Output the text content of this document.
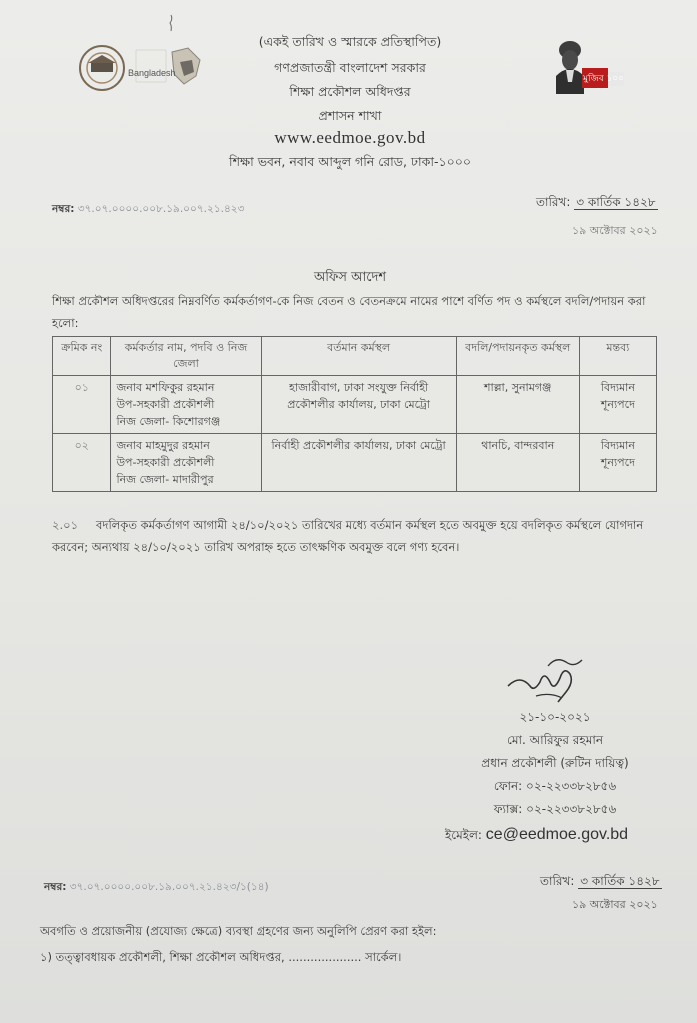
Bangladesh
মুজিব ১০০
(একই তারিখ ও স্মারকে প্রতিস্থাপিত)
গণপ্রজাতন্ত্রী বাংলাদেশ সরকার
শিক্ষা প্রকৌশল অধিদপ্তর
প্রশাসন শাখা
www.eedmoe.gov.bd
শিক্ষা ভবন, নবাব আব্দুল গনি রোড, ঢাকা-১০০০
নম্বর: ৩৭.০৭.০০০০.০০৮.১৯.০০৭.২১.৪২৩	তারিখ: ৩ কার্তিক ১৪২৮
১৯ অক্টোবর ২০২১
অফিস আদেশ
শিক্ষা প্রকৌশল অধিদপ্তরের নিম্নবর্ণিত কর্মকর্তাগণ-কে নিজ বেতন ও বেতনক্রমে নামের পাশে বর্ণিত পদ ও কর্মস্থলে বদলি/পদায়ন করা হলো:
ক্রমিক নং	কর্মকর্তার নাম, পদবি ও নিজ জেলা	বর্তমান কর্মস্থল	বদলি/পদায়নকৃত কর্মস্থল	মন্তব্য
০১	জনাব মশফিকুর রহমান
উপ-সহকারী প্রকৌশলী
নিজ জেলা- কিশোরগঞ্জ	হাজারীবাগ, ঢাকা সংযুক্ত নির্বাহী প্রকৌশলীর কার্যালয়, ঢাকা মেট্রো	শাল্লা, সুনামগঞ্জ	বিদ্যমান শূন্যপদে
০২	জনাব মাহমুদুর রহমান
উপ-সহকারী প্রকৌশলী
নিজ জেলা- মাদারীপুর	নির্বাহী প্রকৌশলীর কার্যালয়, ঢাকা মেট্রো	থানচি, বান্দরবান	বিদ্যমান শূন্যপদে
২.০১ বদলিকৃত কর্মকর্তাগণ আগামী ২৪/১০/২০২১ তারিখের মধ্যে বর্তমান কর্মস্থল হতে অবমুক্ত হয়ে বদলিকৃত কর্মস্থলে যোগদান করবেন; অন্যথায় ২৪/১০/২০২১ তারিখ অপরাহ্ন হতে তাৎক্ষণিক অবমুক্ত বলে গণ্য হবেন।
২১-১০-২০২১
মো. আরিফুর রহমান
প্রধান প্রকৌশলী (রুটিন দায়িত্ব)
ফোন: ০২-২২৩৩৮২৮৫৬
ফ্যাক্স: ০২-২২৩৩৮২৮৫৬
ইমেইল: ce@eedmoe.gov.bd
নম্বর: ৩৭.০৭.০০০০.০০৮.১৯.০০৭.২১.৪২৩/১(১৪)	তারিখ: ৩ কার্তিক ১৪২৮
১৯ অক্টোবর ২০২১
অবগতি ও প্রয়োজনীয় (প্রযোজ্য ক্ষেত্রে) ব্যবস্থা গ্রহণের জন্য অনুলিপি প্রেরণ করা হইল:
১) তত্ত্বাবধায়ক প্রকৌশলী, শিক্ষা প্রকৌশল অধিদপ্তর, .................... সার্কেল।
